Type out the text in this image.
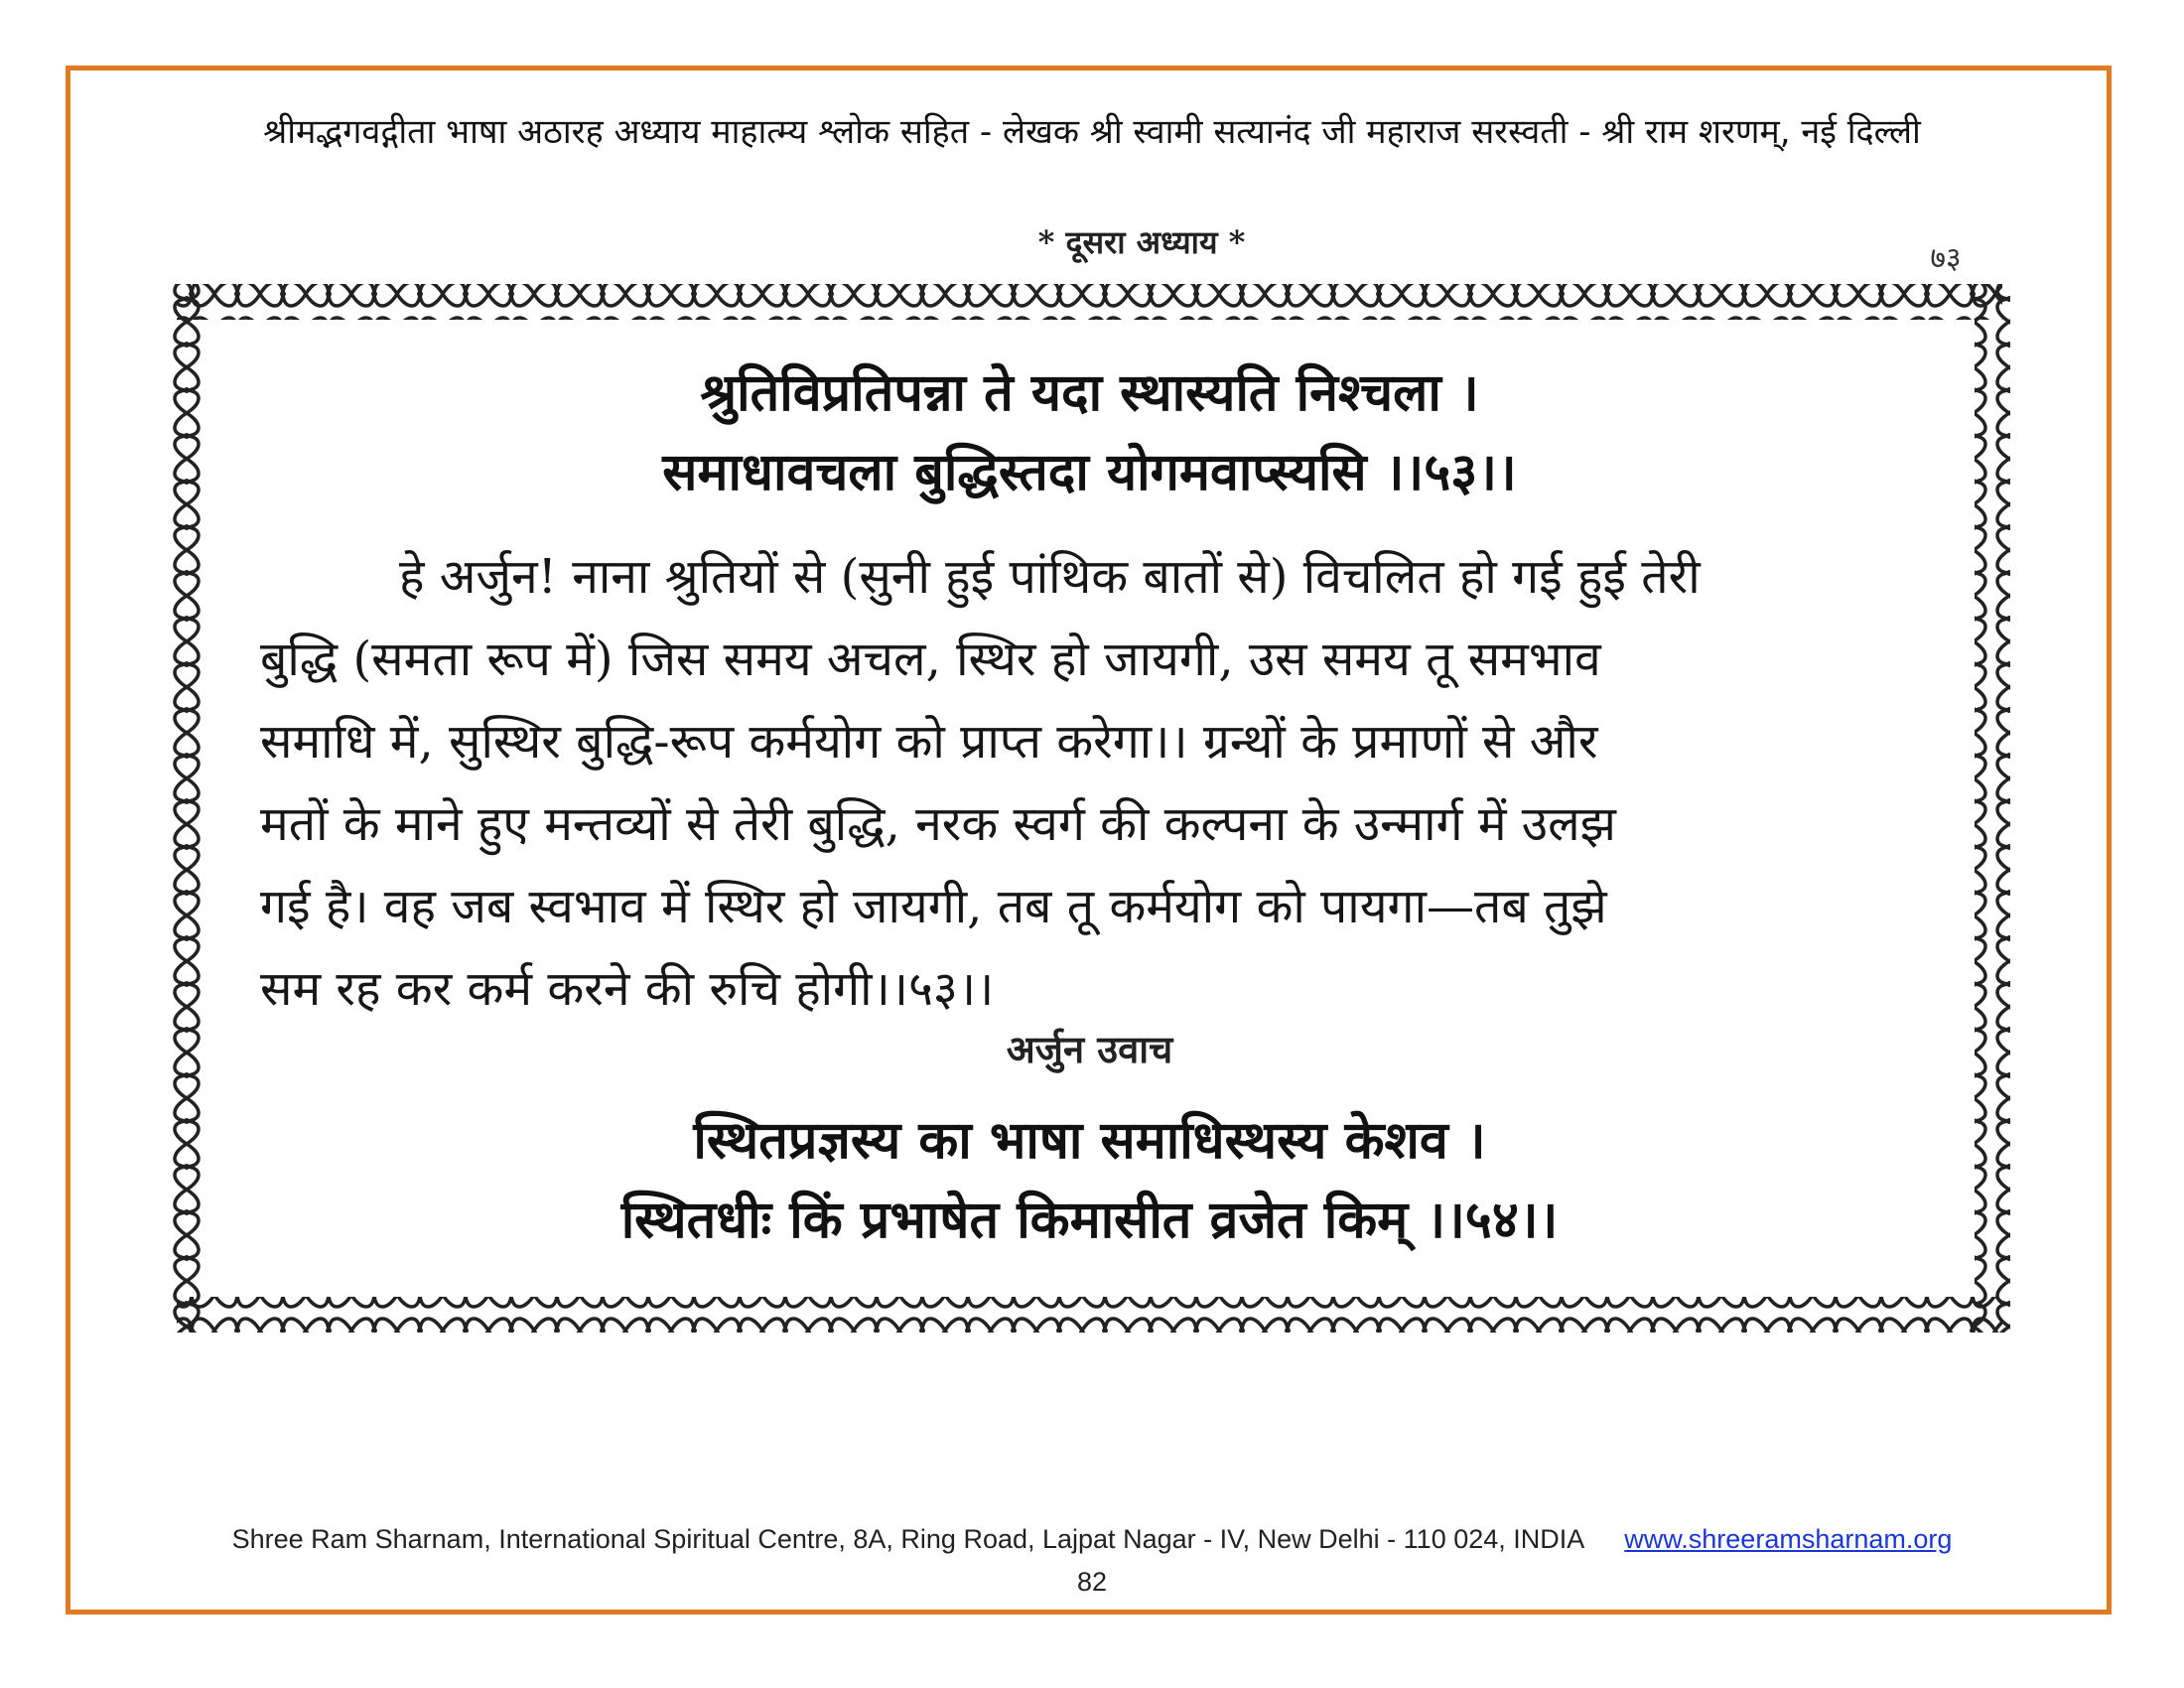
श्रीमद्भगवद्गीता भाषा अठारह अध्याय माहात्म्य श्लोक सहित - लेखक श्री स्वामी सत्यानंद जी महाराज सरस्वती - श्री राम शरणम्, नई दिल्ली
* दूसरा अध्याय *	७३
श्रुतिविप्रतिपन्ना ते यदा स्थास्यति निश्चला ।
समाधावचला बुद्धिस्तदा योगमवाप्स्यसि ।।५३।।
हे अर्जुन! नाना श्रुतियों से (सुनी हुई पांथिक बातों से) विचलित हो गई हुई तेरी
बुद्धि (समता रूप में) जिस समय अचल, स्थिर हो जायगी, उस समय तू समभाव
समाधि में, सुस्थिर बुद्धि-रूप कर्मयोग को प्राप्त करेगा।। ग्रन्थों के प्रमाणों से और
मतों के माने हुए मन्तव्यों से तेरी बुद्धि, नरक स्वर्ग की कल्पना के उन्मार्ग में उलझ
गई है। वह जब स्वभाव में स्थिर हो जायगी, तब तू कर्मयोग को पायगा—तब तुझे
सम रह कर कर्म करने की रुचि होगी।।५३।।
अर्जुन उवाच
स्थितप्रज्ञस्य का भाषा समाधिस्थस्य केशव ।
स्थितधीः किं प्रभाषेत किमासीत व्रजेत किम् ।।५४।।
Shree Ram Sharnam, International Spiritual Centre, 8A, Ring Road, Lajpat Nagar - IV, New Delhi - 110 024, INDIA www.shreeramsharnam.org
82
